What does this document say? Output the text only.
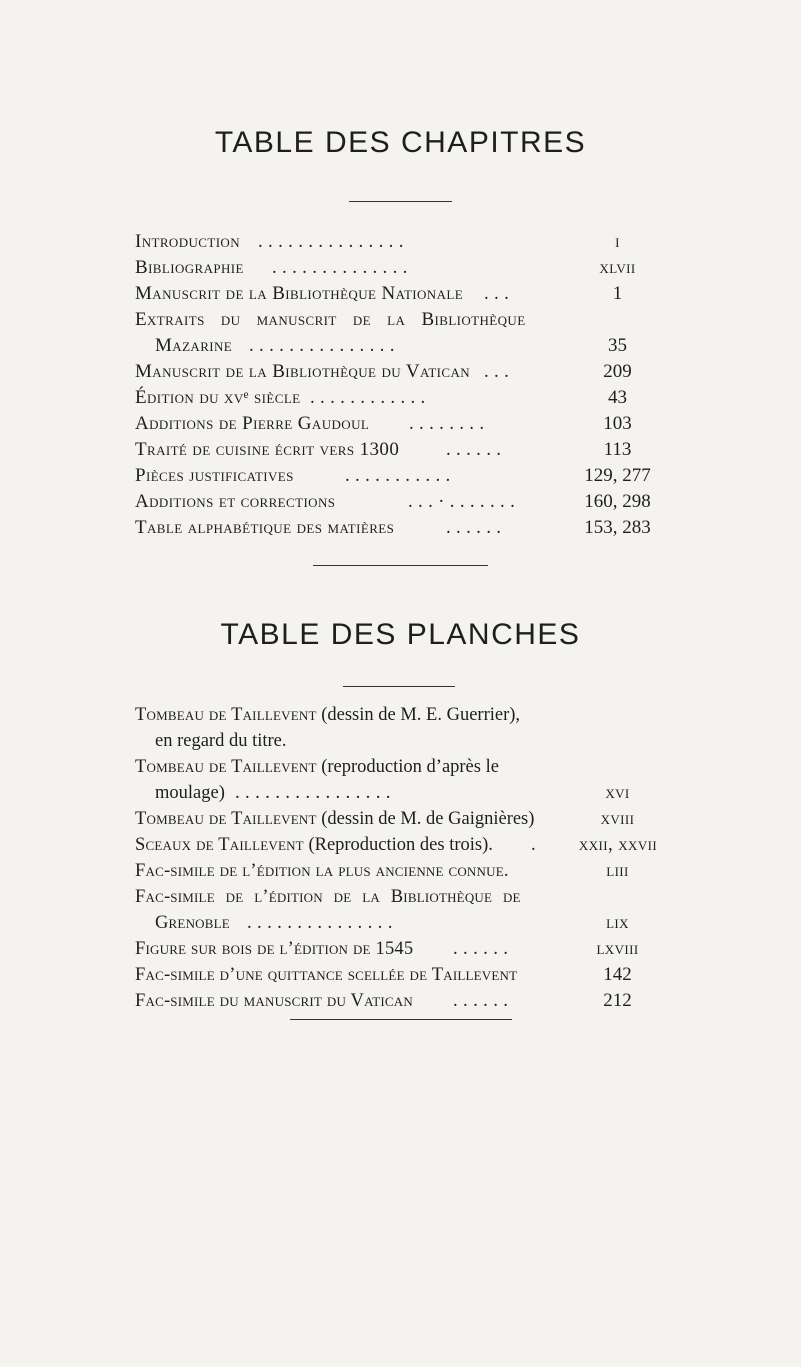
TABLE DES CHAPITRES
Introduction ...............	i
Bibliographie ..............	xlvii
Manuscrit de la Bibliothèque Nationale ...	1
Extraits du manuscrit de la Bibliothèque
Mazarine ...............	35
Manuscrit de la Bibliothèque du Vatican ...	209
Édition du xvᵉ siècle ............	43
Additions de Pierre Gaudoul ........	103
Traité de cuisine écrit vers 1300 ......	113
Pièces justificatives	...........	129, 277
Additions et corrections	...·.......	160, 298
Table alphabétique des matières	......	153, 283
TABLE DES PLANCHES
Tombeau de Taillevent (dessin de M. E. Guerrier),
en regard du titre.
Tombeau de Taillevent (reproduction d’après le
moulage) ................	xvi
Tombeau de Taillevent (dessin de M. de Gaignières)	xviii
Sceaux de Taillevent (Reproduction des trois). .	xxii, xxvii
Fac-simile de l’édition la plus ancienne connue.	liii
Fac-simile de l’édition de la Bibliothèque de
Grenoble ...............	lix
Figure sur bois de l’édition de 1545 ......	lxviii
Fac-simile d’une quittance scellée de Taillevent	142
Fac-simile du manuscrit du Vatican ......	212
